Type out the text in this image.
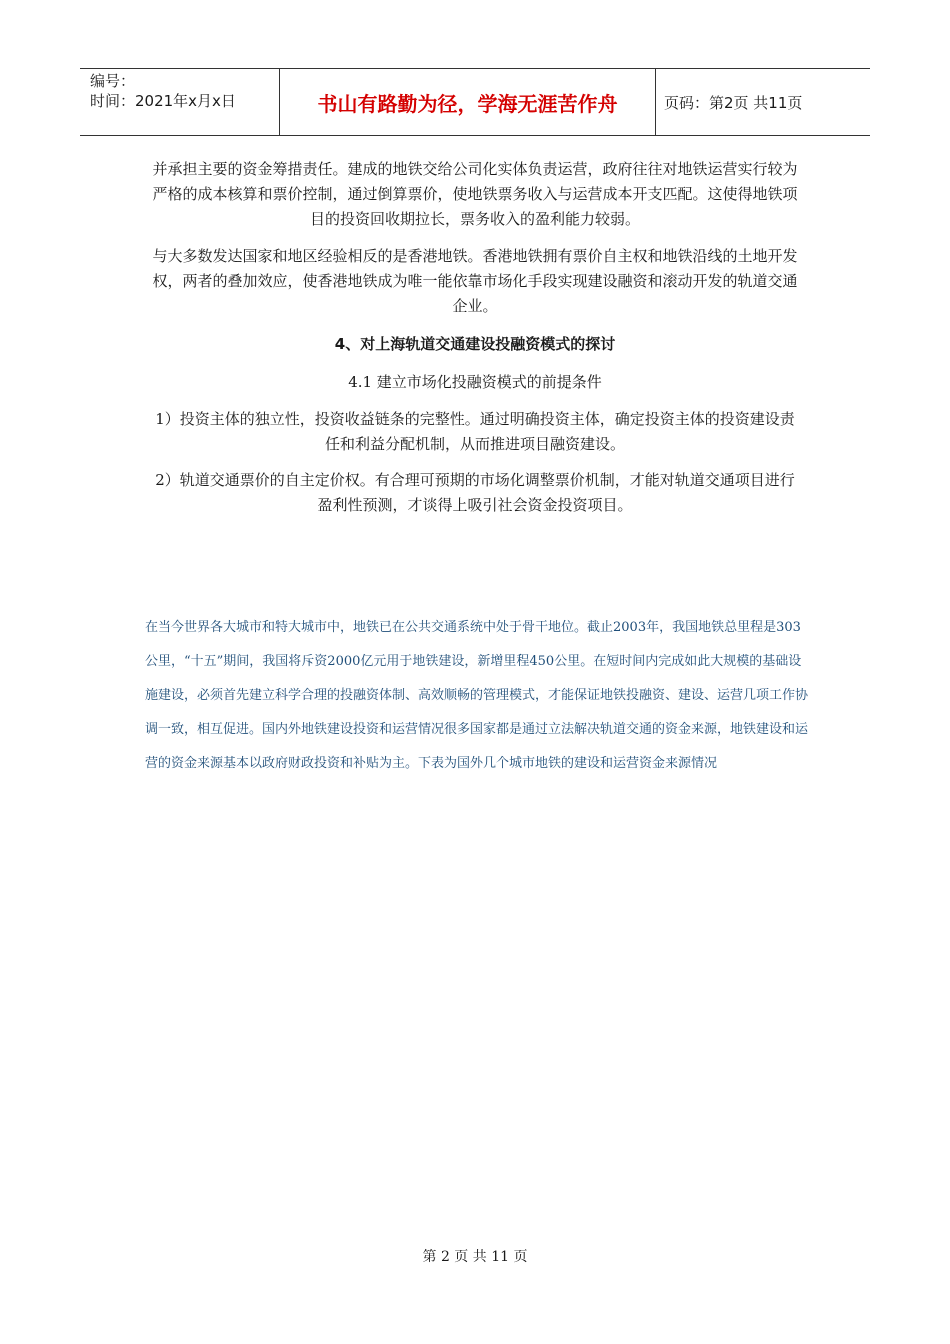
编号：
时间：2021年x月x日	书山有路勤为径，学海无涯苦作舟	页码：第2页 共11页
并承担主要的资金筹措责任。建成的地铁交给公司化实体负责运营，政府往往对地铁运营实行较为严格的成本核算和票价控制，通过倒算票价，使地铁票务收入与运营成本开支匹配。这使得地铁项目的投资回收期拉长，票务收入的盈利能力较弱。
与大多数发达国家和地区经验相反的是香港地铁。香港地铁拥有票价自主权和地铁沿线的土地开发权，两者的叠加效应，使香港地铁成为唯一能依靠市场化手段实现建设融资和滚动开发的轨道交通企业。
4、对上海轨道交通建设投融资模式的探讨
4.1 建立市场化投融资模式的前提条件
1）投资主体的独立性，投资收益链条的完整性。通过明确投资主体，确定投资主体的投资建设责任和利益分配机制，从而推进项目融资建设。
2）轨道交通票价的自主定价权。有合理可预期的市场化调整票价机制，才能对轨道交通项目进行盈利性预测，才谈得上吸引社会资金投资项目。
在当今世界各大城市和特大城市中，地铁已在公共交通系统中处于骨干地位。截止2003年，我国地铁总里程是303公里，“十五”期间，我国将斥资2000亿元用于地铁建设，新增里程450公里。在短时间内完成如此大规模的基础设施建设，必须首先建立科学合理的投融资体制、高效顺畅的管理模式，才能保证地铁投融资、建设、运营几项工作协调一致，相互促进。国内外地铁建设投资和运营情况很多国家都是通过立法解决轨道交通的资金来源，地铁建设和运营的资金来源基本以政府财政投资和补贴为主。下表为国外几个城市地铁的建设和运营资金来源情况
第 2 页 共 11 页
